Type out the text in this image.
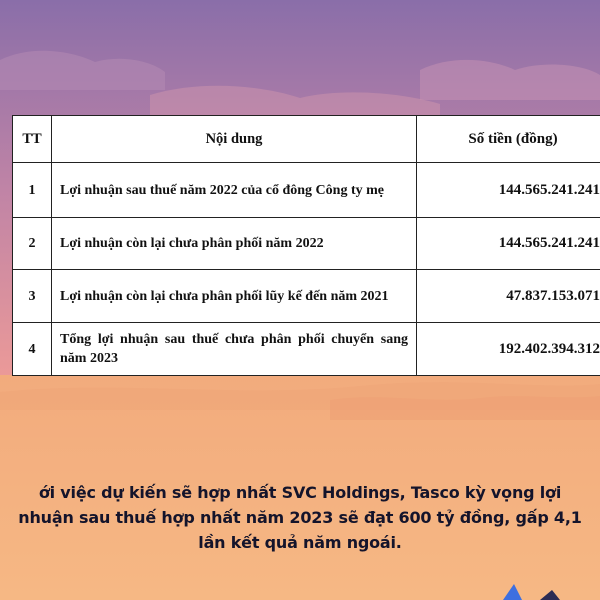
TT	Nội dung	Số tiền (đồng)
1	Lợi nhuận sau thuế năm 2022 của cổ đông Công ty mẹ	144.565.241.241
2	Lợi nhuận còn lại chưa phân phối năm 2022	144.565.241.241
3	Lợi nhuận còn lại chưa phân phối lũy kế đến năm 2021	47.837.153.071
4	Tổng lợi nhuận sau thuế chưa phân phối chuyển sang năm 2023	192.402.394.312
ới việc dự kiến sẽ hợp nhất SVC Holdings, Tasco kỳ vọng lợi nhuận sau thuế hợp nhất năm 2023 sẽ đạt 600 tỷ đồng, gấp 4,1 lần kết quả năm ngoái.
